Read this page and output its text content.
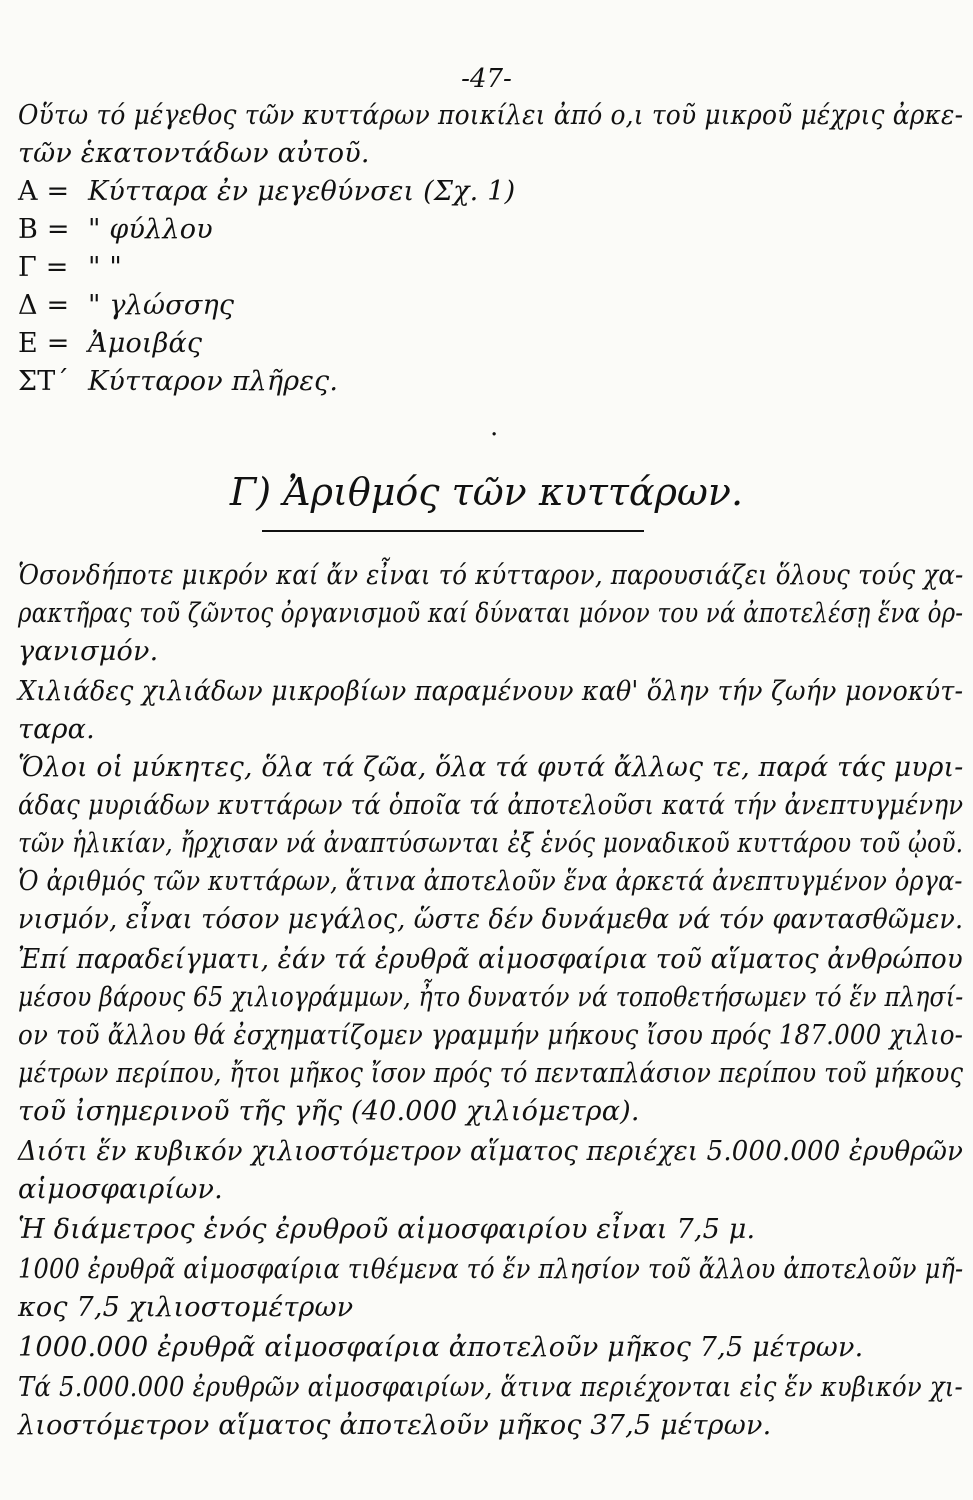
-47-
Οὕτω τό μέγεθος τῶν κυττάρων ποικίλει ἀπό ο,ι τοῦ μικροῦ μέχρις ἀρκε-
τῶν ἑκατοντάδων αὐτοῦ.
Α = Κύτταρα ἐν μεγεθύνσει (Σχ. 1)
Β =" φύλλου
Γ =" "
Δ =" γλώσσης
Ε = Ἀμοιβάς
ΣΤ΄ Κύτταρον πλῆρες.
.
Γ) Ἀριθμός τῶν κυττάρων.
Ὁσονδήποτε μικρόν καί ἄν εἶναι τό κύτταρον, παρουσιάζει ὅλους τούς χα-
ρακτῆρας τοῦ ζῶντος ὀργανισμοῦ καί δύναται μόνον του νά ἀποτελέσῃ ἕνα ὀρ-
γανισμόν.
Χιλιάδες χιλιάδων μικροβίων παραμένουν καθ' ὅλην τήν ζωήν μονοκύτ-
ταρα.
Ὅλοι οἱ μύκητες, ὅλα τά ζῶα, ὅλα τά φυτά ἄλλως τε, παρά τάς μυρι-
άδας μυριάδων κυττάρων τά ὁποῖα τά ἀποτελοῦσι κατά τήν ἀνεπτυγμένην
τῶν ἡλικίαν, ἤρχισαν νά ἀναπτύσωνται ἐξ ἑνός μοναδικοῦ κυττάρου τοῦ ᾠοῦ.
Ὁ ἀριθμός τῶν κυττάρων, ἅτινα ἀποτελοῦν ἕνα ἀρκετά ἀνεπτυγμένον ὀργα-
νισμόν, εἶναι τόσον μεγάλος, ὥστε δέν δυνάμεθα νά τόν φαντασθῶμεν.
Ἐπί παραδείγματι, ἐάν τά ἐρυθρᾶ αἱμοσφαίρια τοῦ αἵματος ἀνθρώπου
μέσου βάρους 65 χιλιογράμμων, ἦτο δυνατόν νά τοποθετήσωμεν τό ἕν πλησί-
ον τοῦ ἄλλου θά ἐσχηματίζομεν γραμμήν μήκους ἴσου πρός 187.000 χιλιο-
μέτρων περίπου, ἤτοι μῆκος ἴσον πρός τό πενταπλάσιον περίπου τοῦ μήκους
τοῦ ἰσημερινοῦ τῆς γῆς (40.000 χιλιόμετρα).
Διότι ἕν κυβικόν χιλιοστόμετρον αἵματος περιέχει 5.000.000 ἐρυθρῶν
αἱμοσφαιρίων.
Ἡ διάμετρος ἑνός ἐρυθροῦ αἱμοσφαιρίου εἶναι 7,5 μ.
1000 ἐρυθρᾶ αἱμοσφαίρια τιθέμενα τό ἕν πλησίον τοῦ ἄλλου ἀποτελοῦν μῆ-
κος 7,5 χιλιοστομέτρων
1000.000 ἐρυθρᾶ αἱμοσφαίρια ἀποτελοῦν μῆκος 7,5 μέτρων.
Τά 5.000.000 ἐρυθρῶν αἱμοσφαιρίων, ἅτινα περιέχονται εἰς ἕν κυβικόν χι-
λιοστόμετρον αἵματος ἀποτελοῦν μῆκος 37,5 μέτρων.
